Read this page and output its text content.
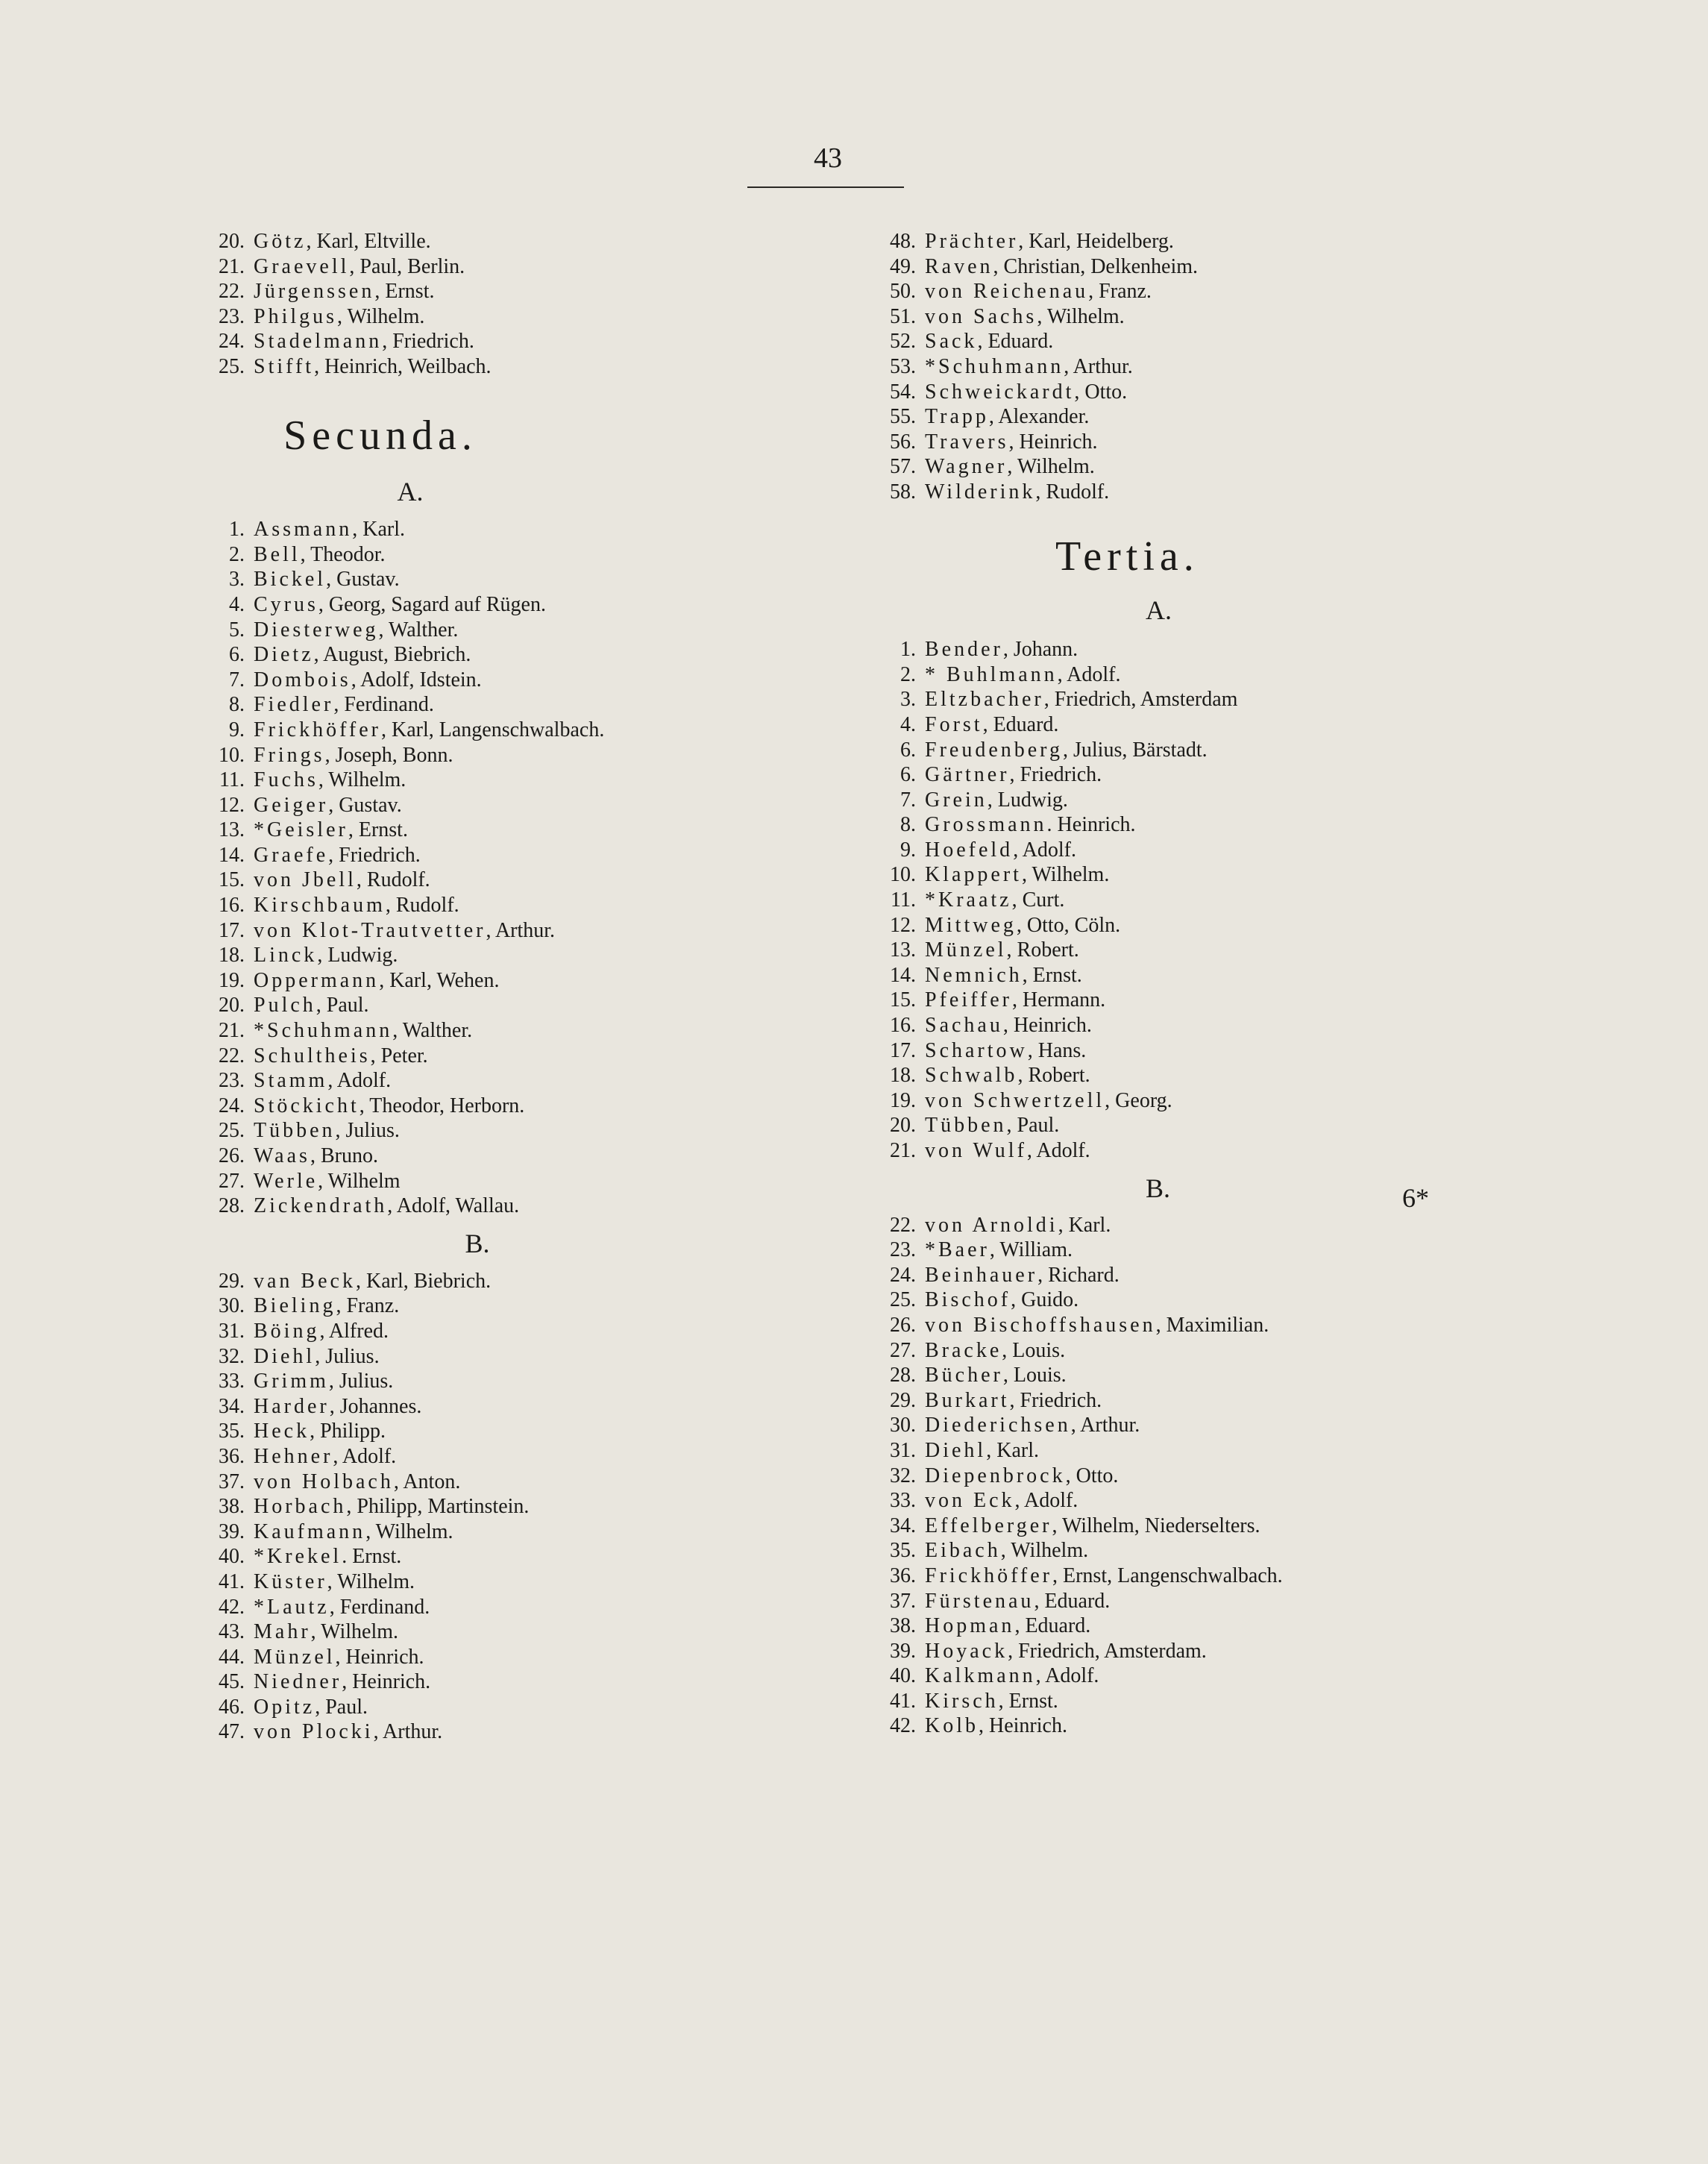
43
20. Götz, Karl, Eltville.
21. Graevell, Paul, Berlin.
22. Jürgenssen, Ernst.
23. Philgus, Wilhelm.
24. Stadelmann, Friedrich.
25. Stifft, Heinrich, Weilbach.
Secunda.
A.
1. Assmann, Karl.
2. Bell, Theodor.
3. Bickel, Gustav.
4. Cyrus, Georg, Sagard auf Rügen.
5. Diesterweg, Walther.
6. Dietz, August, Biebrich.
7. Dombois, Adolf, Idstein.
8. Fiedler, Ferdinand.
9. Frickhöffer, Karl, Langenschwalbach.
10. Frings, Joseph, Bonn.
11. Fuchs, Wilhelm.
12. Geiger, Gustav.
13. *Geisler, Ernst.
14. Graefe, Friedrich.
15. von Jbell, Rudolf.
16. Kirschbaum, Rudolf.
17. von Klot-Trautvetter, Arthur.
18. Linck, Ludwig.
19. Oppermann, Karl, Wehen.
20. Pulch, Paul.
21. *Schuhmann, Walther.
22. Schultheis, Peter.
23. Stamm, Adolf.
24. Stöckicht, Theodor, Herborn.
25. Tübben, Julius.
26. Waas, Bruno.
27. Werle, Wilhelm
28. Zickendrath, Adolf, Wallau.
B.
29. van Beck, Karl, Biebrich.
30. Bieling, Franz.
31. Böing, Alfred.
32. Diehl, Julius.
33. Grimm, Julius.
34. Harder, Johannes.
35. Heck, Philipp.
36. Hehner, Adolf.
37. von Holbach, Anton.
38. Horbach, Philipp, Martinstein.
39. Kaufmann, Wilhelm.
40. *Krekel. Ernst.
41. Küster, Wilhelm.
42. *Lautz, Ferdinand.
43. Mahr, Wilhelm.
44. Münzel, Heinrich.
45. Niedner, Heinrich.
46. Opitz, Paul.
47. von Plocki, Arthur.
48. Prächter, Karl, Heidelberg.
49. Raven, Christian, Delkenheim.
50. von Reichenau, Franz.
51. von Sachs, Wilhelm.
52. Sack, Eduard.
53. *Schuhmann, Arthur.
54. Schweickardt, Otto.
55. Trapp, Alexander.
56. Travers, Heinrich.
57. Wagner, Wilhelm.
58. Wilderink, Rudolf.
Tertia.
A.
1. Bender, Johann.
2. * Buhlmann, Adolf.
3. Eltzbacher, Friedrich, Amsterdam
4. Forst, Eduard.
6. Freudenberg, Julius, Bärstadt.
6. Gärtner, Friedrich.
7. Grein, Ludwig.
8. Grossmann. Heinrich.
9. Hoefeld, Adolf.
10. Klappert, Wilhelm.
11. *Kraatz, Curt.
12. Mittweg, Otto, Cöln.
13. Münzel, Robert.
14. Nemnich, Ernst.
15. Pfeiffer, Hermann.
16. Sachau, Heinrich.
17. Schartow, Hans.
18. Schwalb, Robert.
19. von Schwertzell, Georg.
20. Tübben, Paul.
21. von Wulf, Adolf.
B.
22. von Arnoldi, Karl.
23. *Baer, William.
24. Beinhauer, Richard.
25. Bischof, Guido.
26. von Bischoffshausen, Maximilian.
27. Bracke, Louis.
28. Bücher, Louis.
29. Burkart, Friedrich.
30. Diederichsen, Arthur.
31. Diehl, Karl.
32. Diepenbrock, Otto.
33. von Eck, Adolf.
34. Effelberger, Wilhelm, Niederselters.
35. Eibach, Wilhelm.
36. Frickhöffer, Ernst, Langenschwalbach.
37. Fürstenau, Eduard.
38. Hopman, Eduard.
39. Hoyack, Friedrich, Amsterdam.
40. Kalkmann, Adolf.
41. Kirsch, Ernst.
42. Kolb, Heinrich.
6*
